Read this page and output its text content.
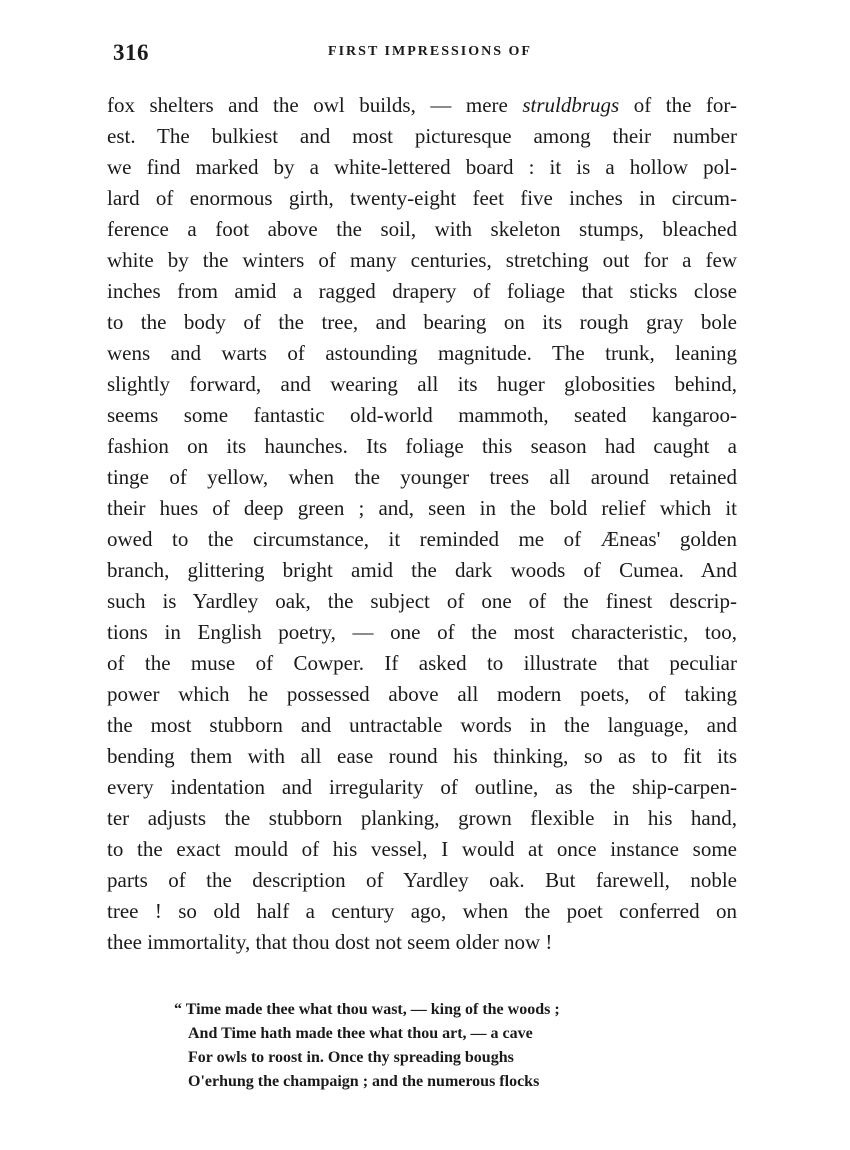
316	FIRST IMPRESSIONS OF
fox shelters and the owl builds, — mere struldbrugs of the for-
est. The bulkiest and most picturesque among their number
we find marked by a white-lettered board : it is a hollow pol-
lard of enormous girth, twenty-eight feet five inches in circum-
ference a foot above the soil, with skeleton stumps, bleached
white by the winters of many centuries, stretching out for a few
inches from amid a ragged drapery of foliage that sticks close
to the body of the tree, and bearing on its rough gray bole
wens and warts of astounding magnitude. The trunk, leaning
slightly forward, and wearing all its huger globosities behind,
seems some fantastic old-world mammoth, seated kangaroo-
fashion on its haunches. Its foliage this season had caught a
tinge of yellow, when the younger trees all around retained
their hues of deep green ; and, seen in the bold relief which it
owed to the circumstance, it reminded me of Æneas' golden
branch, glittering bright amid the dark woods of Cumea. And
such is Yardley oak, the subject of one of the finest descrip-
tions in English poetry, — one of the most characteristic, too,
of the muse of Cowper. If asked to illustrate that peculiar
power which he possessed above all modern poets, of taking
the most stubborn and untractable words in the language, and
bending them with all ease round his thinking, so as to fit its
every indentation and irregularity of outline, as the ship-carpen-
ter adjusts the stubborn planking, grown flexible in his hand,
to the exact mould of his vessel, I would at once instance some
parts of the description of Yardley oak. But farewell, noble
tree ! so old half a century ago, when the poet conferred on
thee immortality, that thou dost not seem older now !
“ Time made thee what thou wast, — king of the woods ;
And Time hath made thee what thou art, — a cave
For owls to roost in. Once thy spreading boughs
O'erhung the champaign ; and the numerous flocks
